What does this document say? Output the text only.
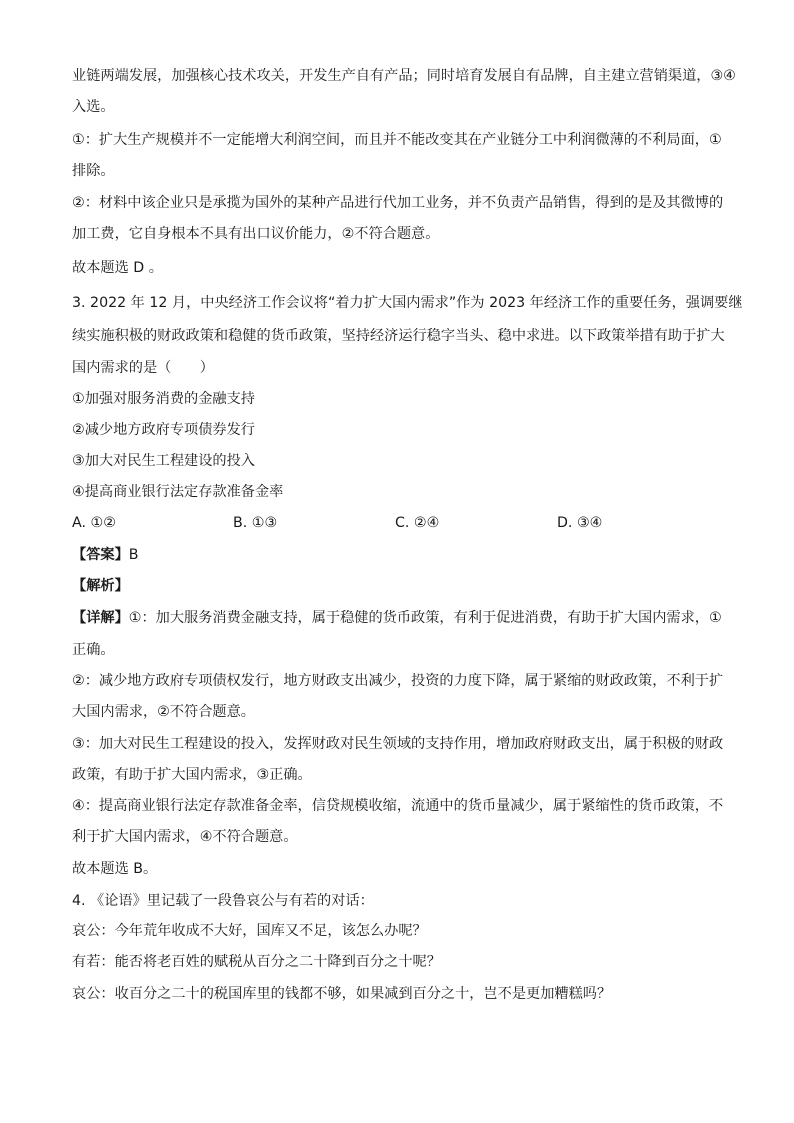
业链两端发展，加强核心技术攻关，开发生产自有产品；同时培育发展自有品牌，自主建立营销渠道，③④
入选。
①：扩大生产规模并不一定能增大利润空间，而且并不能改变其在产业链分工中利润微薄的不利局面，①
排除。
②：材料中该企业只是承揽为国外的某种产品进行代加工业务，并不负责产品销售，得到的是及其微博的
加工费，它自身根本不具有出口议价能力，②不符合题意。
故本题选 D 。
3. 2022 年 12 月，中央经济工作会议将“着力扩大国内需求”作为 2023 年经济工作的重要任务，强调要继
续实施积极的财政政策和稳健的货币政策，坚持经济运行稳字当头、稳中求进。以下政策举措有助于扩大
国内需求的是（　　）
①加强对服务消费的金融支持
②减少地方政府专项债券发行
③加大对民生工程建设的投入
④提高商业银行法定存款准备金率
A. ①②	B. ①③	C. ②④	D. ③④
【答案】B
【解析】
【详解】①：加大服务消费金融支持，属于稳健的货币政策，有利于促进消费，有助于扩大国内需求，①
正确。
②：减少地方政府专项债权发行，地方财政支出减少，投资的力度下降，属于紧缩的财政政策，不利于扩
大国内需求，②不符合题意。
③：加大对民生工程建设的投入，发挥财政对民生领域的支持作用，增加政府财政支出，属于积极的财政
政策，有助于扩大国内需求，③正确。
④：提高商业银行法定存款准备金率，信贷规模收缩，流通中的货币量减少，属于紧缩性的货币政策，不
利于扩大国内需求，④不符合题意。
故本题选 B。
4. 《论语》里记载了一段鲁哀公与有若的对话：
哀公：今年荒年收成不大好，国库又不足，该怎么办呢？
有若：能否将老百姓的赋税从百分之二十降到百分之十呢？
哀公：收百分之二十的税国库里的钱都不够，如果减到百分之十，岂不是更加糟糕吗？
